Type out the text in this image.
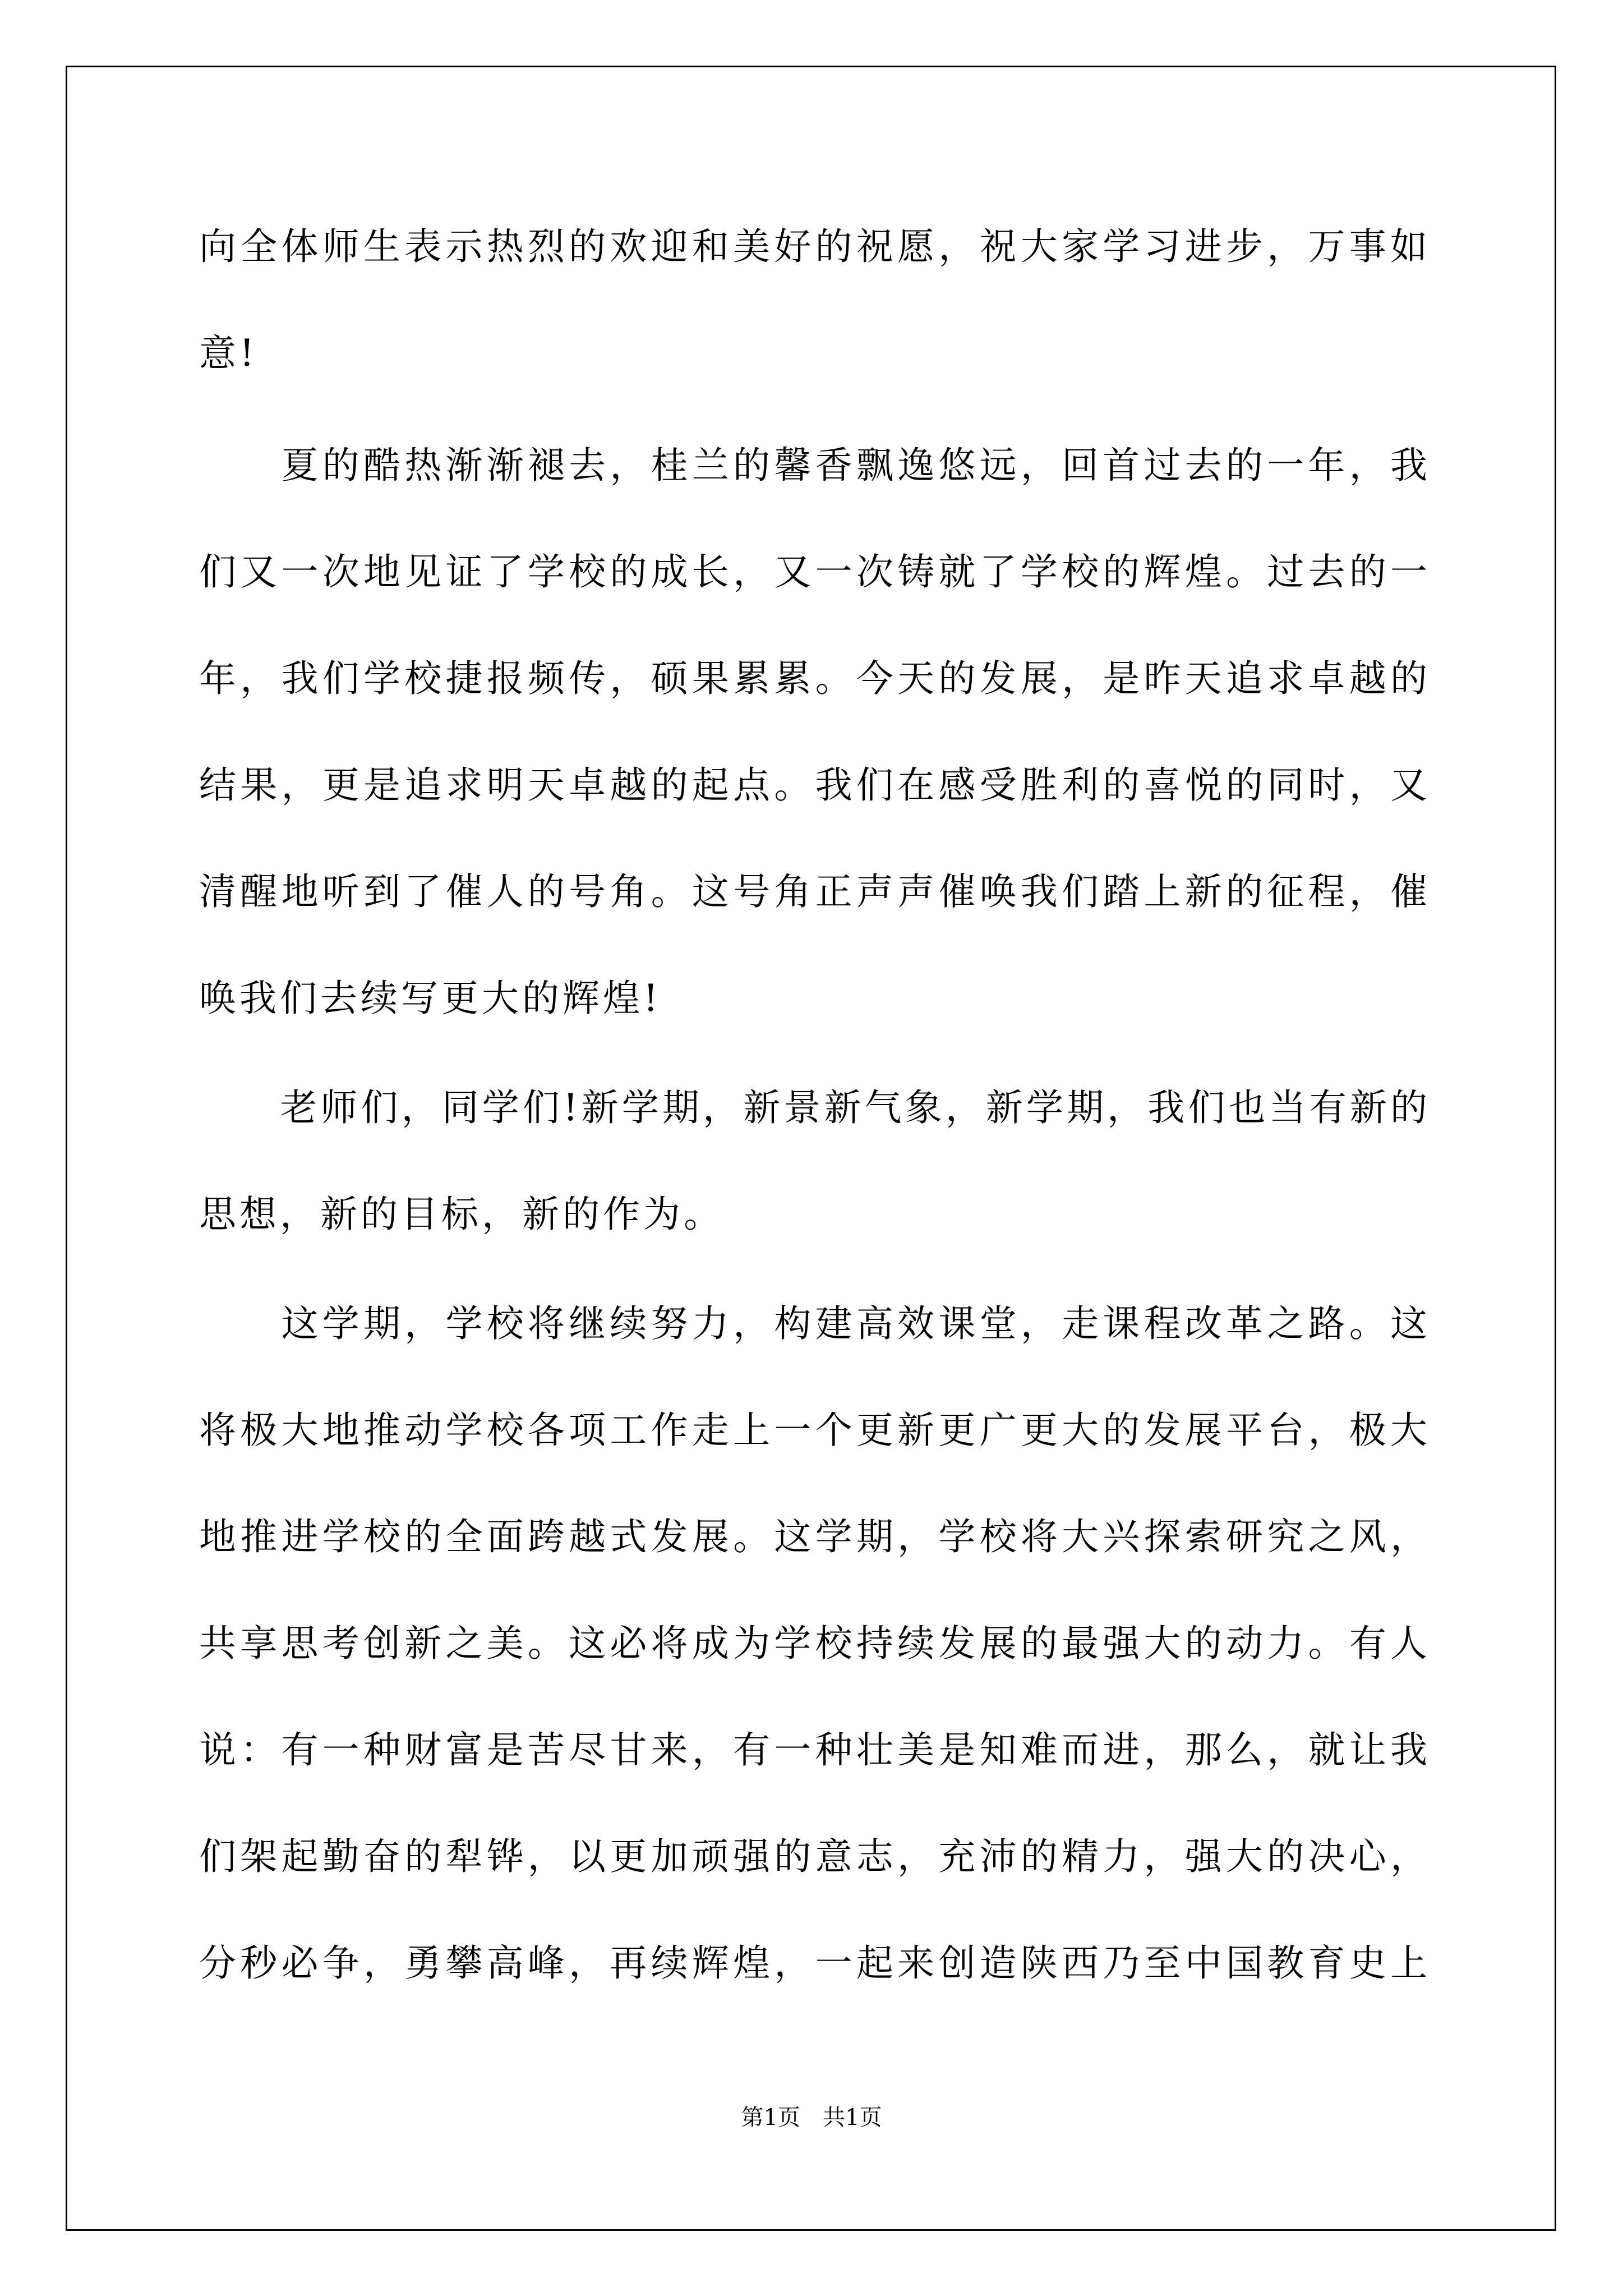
向全体师生表示热烈的欢迎和美好的祝愿，祝大家学习进步，万事如
意!
　　夏的酷热渐渐褪去，桂兰的馨香飘逸悠远，回首过去的一年，我
们又一次地见证了学校的成长，又一次铸就了学校的辉煌。过去的一
年，我们学校捷报频传，硕果累累。今天的发展，是昨天追求卓越的
结果，更是追求明天卓越的起点。我们在感受胜利的喜悦的同时，又
清醒地听到了催人的号角。这号角正声声催唤我们踏上新的征程，催
唤我们去续写更大的辉煌!
　　老师们，同学们!新学期，新景新气象，新学期，我们也当有新的
思想，新的目标，新的作为。
　　这学期，学校将继续努力，构建高效课堂，走课程改革之路。这
将极大地推动学校各项工作走上一个更新更广更大的发展平台，极大
地推进学校的全面跨越式发展。这学期，学校将大兴探索研究之风，
共享思考创新之美。这必将成为学校持续发展的最强大的动力。有人
说：有一种财富是苦尽甘来，有一种壮美是知难而进，那么，就让我
们架起勤奋的犁铧，以更加顽强的意志，充沛的精力，强大的决心，
分秒必争，勇攀高峰，再续辉煌，一起来创造陕西乃至中国教育史上
第1页　共1页
